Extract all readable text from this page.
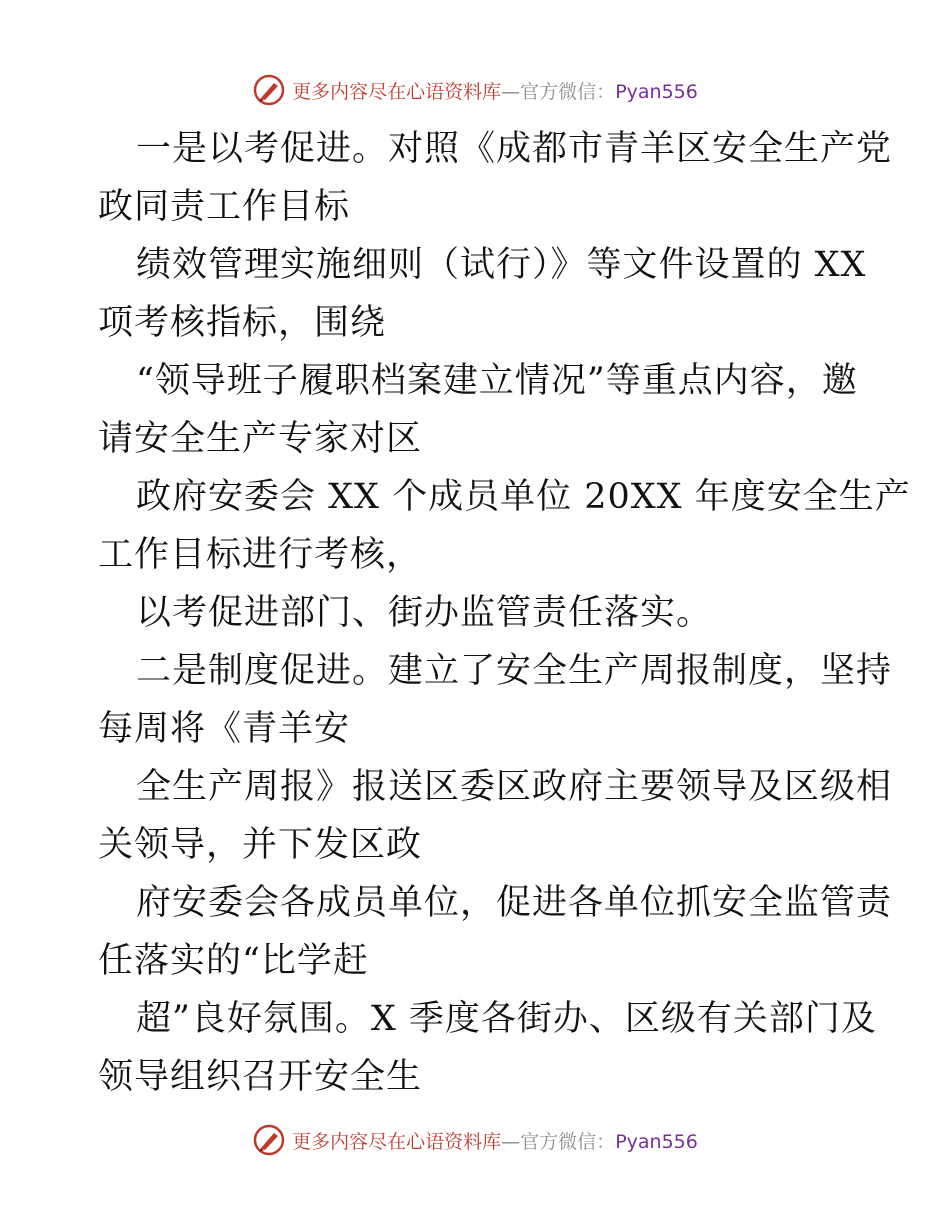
更多内容尽在心语资料库—官方微信：Pyan556
一是以考促进。对照《成都市青羊区安全生产党
政同责工作目标
绩效管理实施细则（试行）》等文件设置的 XX
项考核指标，围绕
“领导班子履职档案建立情况”等重点内容，邀
请安全生产专家对区
政府安委会 XX 个成员单位 20XX 年度安全生产
工作目标进行考核，
以考促进部门、街办监管责任落实。
二是制度促进。建立了安全生产周报制度，坚持
每周将《青羊安
全生产周报》报送区委区政府主要领导及区级相
关领导，并下发区政
府安委会各成员单位，促进各单位抓安全监管责
任落实的“比学赶
超”良好氛围。X 季度各街办、区级有关部门及
领导组织召开安全生
更多内容尽在心语资料库—官方微信：Pyan556
